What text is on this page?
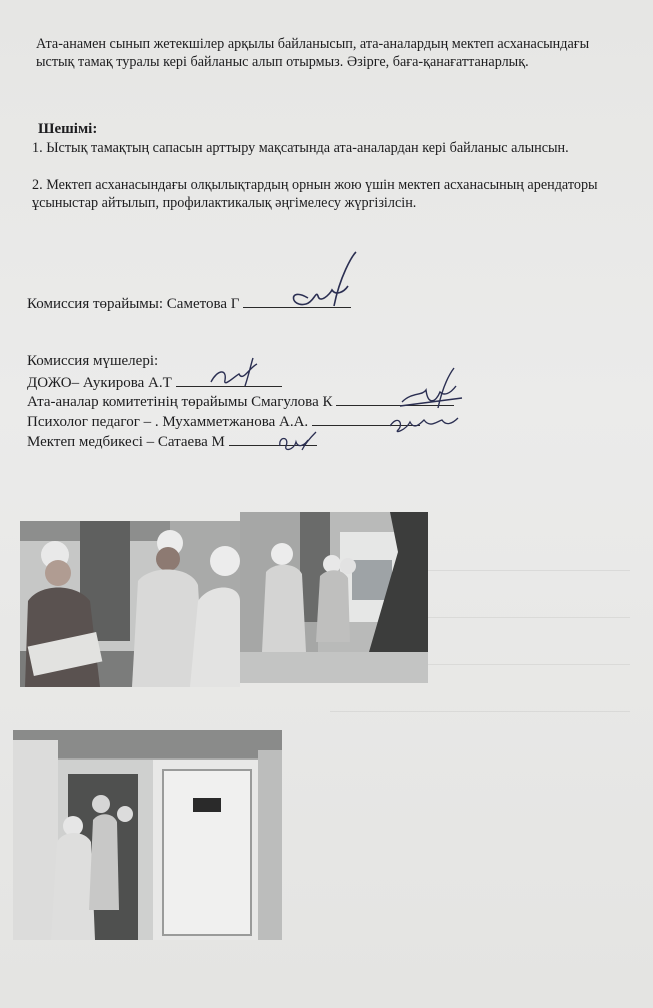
Ата-анамен сынып жетекшілер арқылы байланысып, ата-аналардың мектеп асханасындағы ыстық тамақ туралы кері байланыс алып отырмыз. Әзірге, баға-қанағаттанарлық.
Шешімі:
1. Ыстық тамақтың сапасын арттыру мақсатында ата-аналардан кері байланыс алынсын.
2. Мектеп асханасындағы олқылықтардың орнын жою үшін мектеп асханасының арендаторы ұсыныстар айтылып, профилактикалық әңгімелесу жүргізілсін.
Комиссия төрайымы: Саметова Г
Комиссия мүшелері:
ДОЖО– Аукирова А.Т
Ата-аналар комитетінің төрайымы Смагулова К
Психолог педагог – . Мухамметжанова А.А.
Мектеп медбикесі – Сатаева М
